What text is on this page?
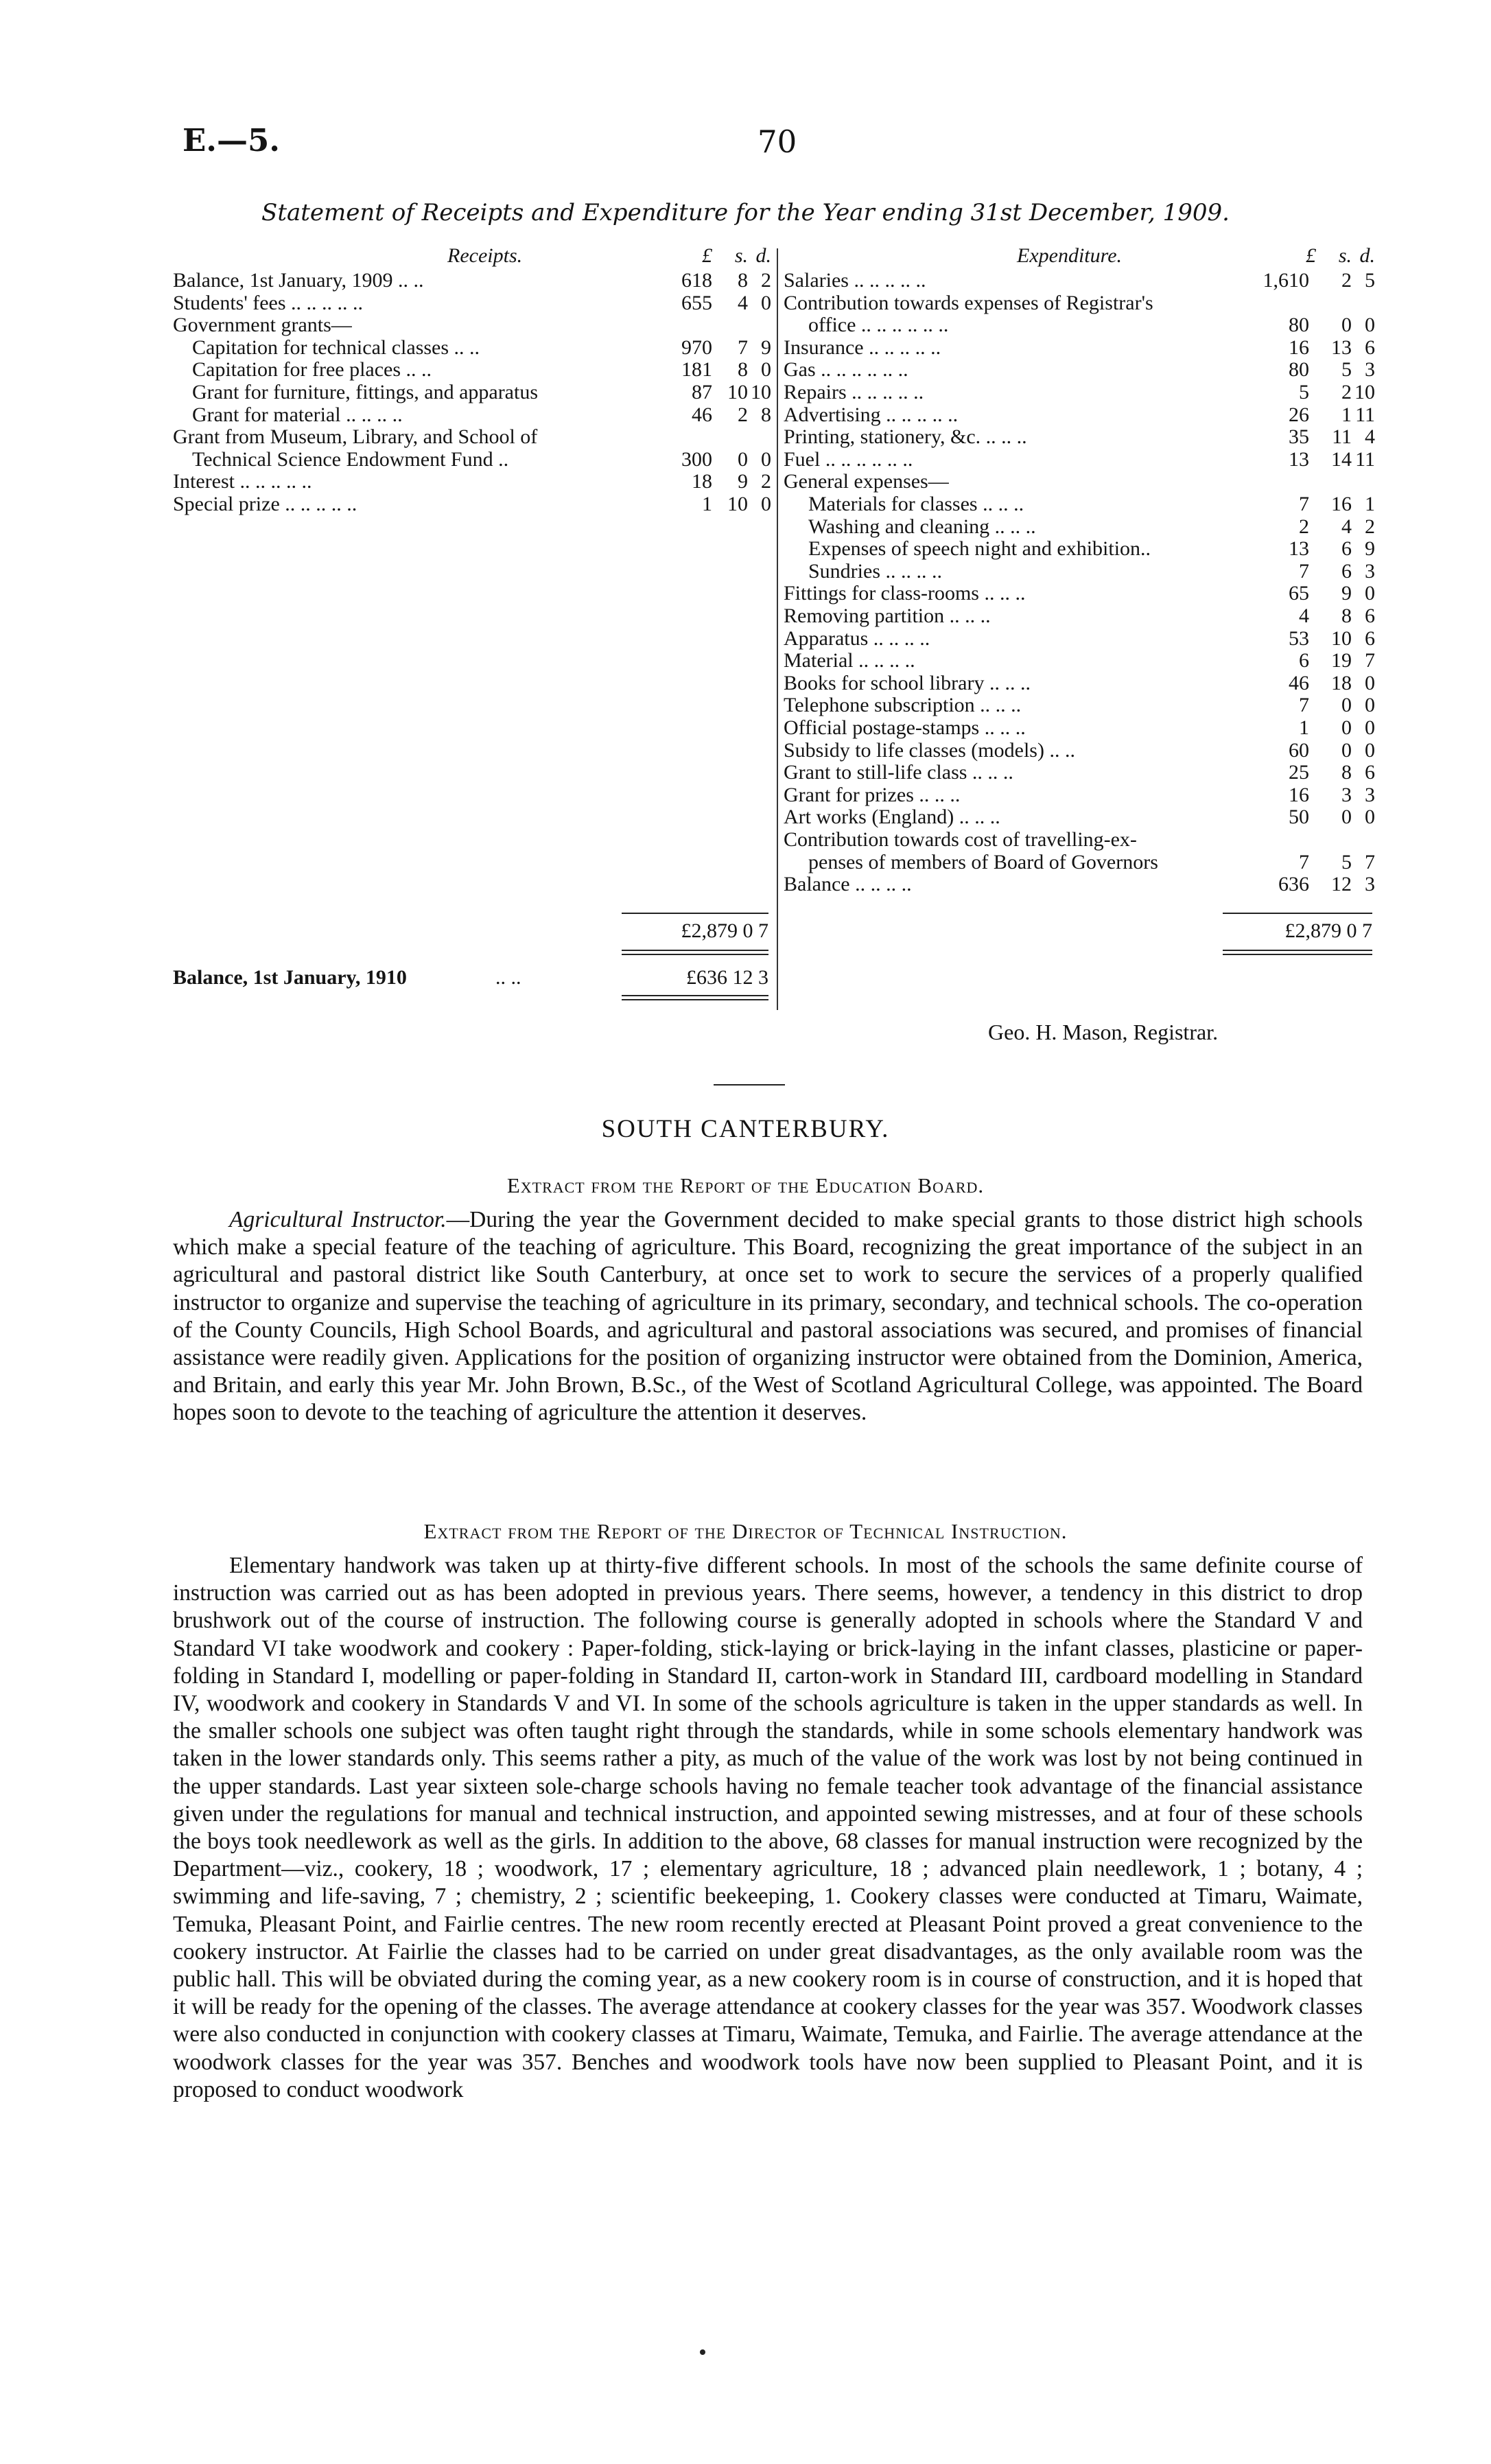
E.—5.	70
Statement of Receipts and Expenditure for the Year ending 31st December, 1909.
Receipts.	£	s. d.
Balance, 1st January, 1909 .. ..	618	8 2
Students' fees .. .. .. .. ..	655	4 0
Government grants—
Capitation for technical classes .. ..	970	7 9
Capitation for free places .. ..	181	8 0
Grant for furniture, fittings, and apparatus	87 10 10
Grant for material .. .. .. ..	46	2 8
Grant from Museum, Library, and School of
Technical Science Endowment Fund ..	300	0 0
Interest .. .. .. .. ..	18	9 2
Special prize .. .. .. .. ..	1 10 0
Expenditure.	£	s. d.
Salaries .. .. .. .. ..	1,610	2 5
Contribution towards expenses of Registrar's
office .. .. .. .. .. ..	80	0 0
Insurance .. .. .. .. ..	16	13 6
Gas .. .. .. .. .. ..	80	5 3
Repairs .. .. .. .. ..	5	2 10
Advertising .. .. .. .. ..	26	1 11
Printing, stationery, &c. .. .. ..	35	11 4
Fuel .. .. .. .. .. ..	13	14 11
General expenses—
Materials for classes .. .. ..	7	16 1
Washing and cleaning .. .. ..	2	4 2
Expenses of speech night and exhibition..	13	6 9
Sundries .. .. .. ..	7	6 3
Fittings for class-rooms .. .. ..	65	9 0
Removing partition .. .. ..	4	8 6
Apparatus .. .. .. ..	53	10 6
Material .. .. .. ..	6	19 7
Books for school library .. .. ..	46	18 0
Telephone subscription .. .. ..	7	0 0
Official postage-stamps .. .. ..	1	0 0
Subsidy to life classes (models) .. ..	60	0 0
Grant to still-life class .. .. ..	25	8 6
Grant for prizes .. .. ..	16	3 3
Art works (England) .. .. ..	50	0 0
Contribution towards cost of travelling-ex-
penses of members of Board of Governors	7	5 7
Balance .. .. .. ..	636	12 3
£2,879 0 7	£2,879 0 7
Balance, 1st January, 1910	.. ..	£636 12 3
Geo. H. Mason, Registrar.
SOUTH CANTERBURY.
Extract from the Report of the Education Board.
Agricultural Instructor.—During the year the Government decided to make special grants to those district high schools which make a special feature of the teaching of agriculture. This Board, recognizing the great importance of the subject in an agricultural and pastoral district like South Canterbury, at once set to work to secure the services of a properly qualified instructor to organize and supervise the teaching of agriculture in its primary, secondary, and technical schools. The co-operation of the County Councils, High School Boards, and agricultural and pastoral associations was secured, and promises of financial assistance were readily given. Applications for the position of organizing instructor were obtained from the Dominion, America, and Britain, and early this year Mr. John Brown, B.Sc., of the West of Scotland Agricultural College, was appointed. The Board hopes soon to devote to the teaching of agriculture the attention it deserves.
Extract from the Report of the Director of Technical Instruction.
Elementary handwork was taken up at thirty-five different schools. In most of the schools the same definite course of instruction was carried out as has been adopted in previous years. There seems, however, a tendency in this district to drop brushwork out of the course of instruction. The following course is generally adopted in schools where the Standard V and Standard VI take woodwork and cookery : Paper-folding, stick-laying or brick-laying in the infant classes, plasticine or paper-folding in Standard I, modelling or paper-folding in Standard II, carton-work in Standard III, cardboard modelling in Standard IV, woodwork and cookery in Standards V and VI. In some of the schools agriculture is taken in the upper standards as well. In the smaller schools one subject was often taught right through the standards, while in some schools elementary handwork was taken in the lower standards only. This seems rather a pity, as much of the value of the work was lost by not being continued in the upper standards. Last year sixteen sole-charge schools having no female teacher took advantage of the financial assistance given under the regulations for manual and technical instruction, and appointed sewing mistresses, and at four of these schools the boys took needlework as well as the girls. In addition to the above, 68 classes for manual instruction were recognized by the Department—viz., cookery, 18 ; woodwork, 17 ; elementary agriculture, 18 ; advanced plain needlework, 1 ; botany, 4 ; swimming and life-saving, 7 ; chemistry, 2 ; scientific beekeeping, 1. Cookery classes were conducted at Timaru, Waimate, Temuka, Pleasant Point, and Fairlie centres. The new room recently erected at Pleasant Point proved a great convenience to the cookery instructor. At Fairlie the classes had to be carried on under great disadvantages, as the only available room was the public hall. This will be obviated during the coming year, as a new cookery room is in course of construction, and it is hoped that it will be ready for the opening of the classes. The average attendance at cookery classes for the year was 357. Woodwork classes were also conducted in conjunction with cookery classes at Timaru, Waimate, Temuka, and Fairlie. The average attendance at the woodwork classes for the year was 357. Benches and woodwork tools have now been supplied to Pleasant Point, and it is proposed to conduct woodwork
